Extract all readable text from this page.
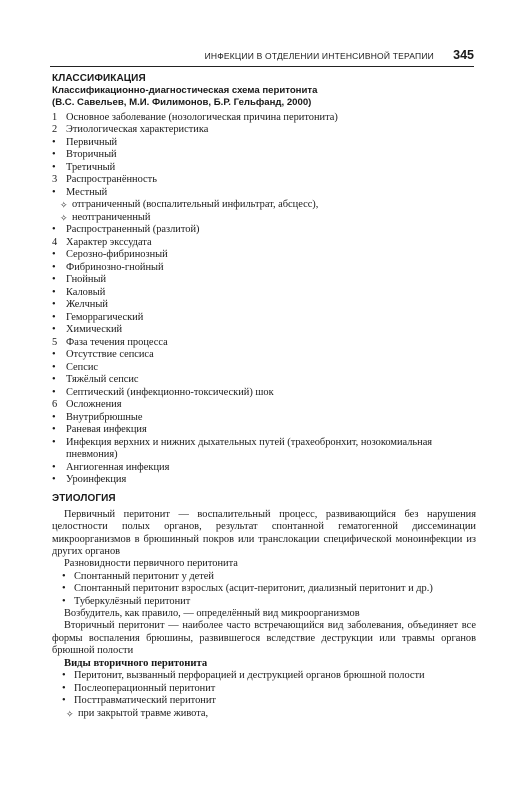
ИНФЕКЦИИ В ОТДЕЛЕНИИ ИНТЕНСИВНОЙ ТЕРАПИИ 345
КЛАССИФИКАЦИЯ

Классификационно-диагностическая схема перитонита

(В.С. Савельев, М.И. Филимонов, Б.Р. Гельфанд, 2000)

1 Основное заболевание (нозологическая причина перитонита)
2 Этиологическая характеристика
• Первичный
• Вторичный
• Третичный
3 Распространённость
• Местный
✧ отграниченный (воспалительный инфильтрат, абсцесс),
✧ неотграниченный
• Распространенный (разлитой)
4 Характер экссудата
• Серозно-фибринозный
• Фибринозно-гнойный
• Гнойный
• Каловый
• Желчный
• Геморрагический
• Химический
5 Фаза течения процесса
• Отсутствие сепсиса
• Сепсис
• Тяжёлый сепсис
• Септический (инфекционно-токсический) шок
6 Осложнения
• Внутрибрюшные
• Раневая инфекция
• Инфекция верхних и нижних дыхательных путей (трахеобронхит, нозокомиальная пневмония)
• Ангиогенная инфекция
• Уроинфекция
ЭТИОЛОГИЯ

Первичный перитонит — воспалительный процесс, развивающийся без нарушения целостности полых органов, результат спонтанной гематогенной диссеминации микроорганизмов в брюшинный покров или транслокации специфической моноинфекции из других органов

Разновидности первичного перитонита

• Спонтанный перитонит у детей
• Спонтанный перитонит взрослых (асцит-перитонит, диализный перитонит и др.)
• Туберкулёзный перитонит

Возбудитель, как правило, — определённый вид микроорганизмов

Вторичный перитонит — наиболее часто встречающийся вид заболевания, объединяет все формы воспаления брюшины, развившегося вследствие деструкции или травмы органов брюшной полости

Виды вторичного перитонита

• Перитонит, вызванный перфорацией и деструкцией органов брюшной полости
• Послеоперационный перитонит
• Посттравматический перитонит
✧ при закрытой травме живота,
